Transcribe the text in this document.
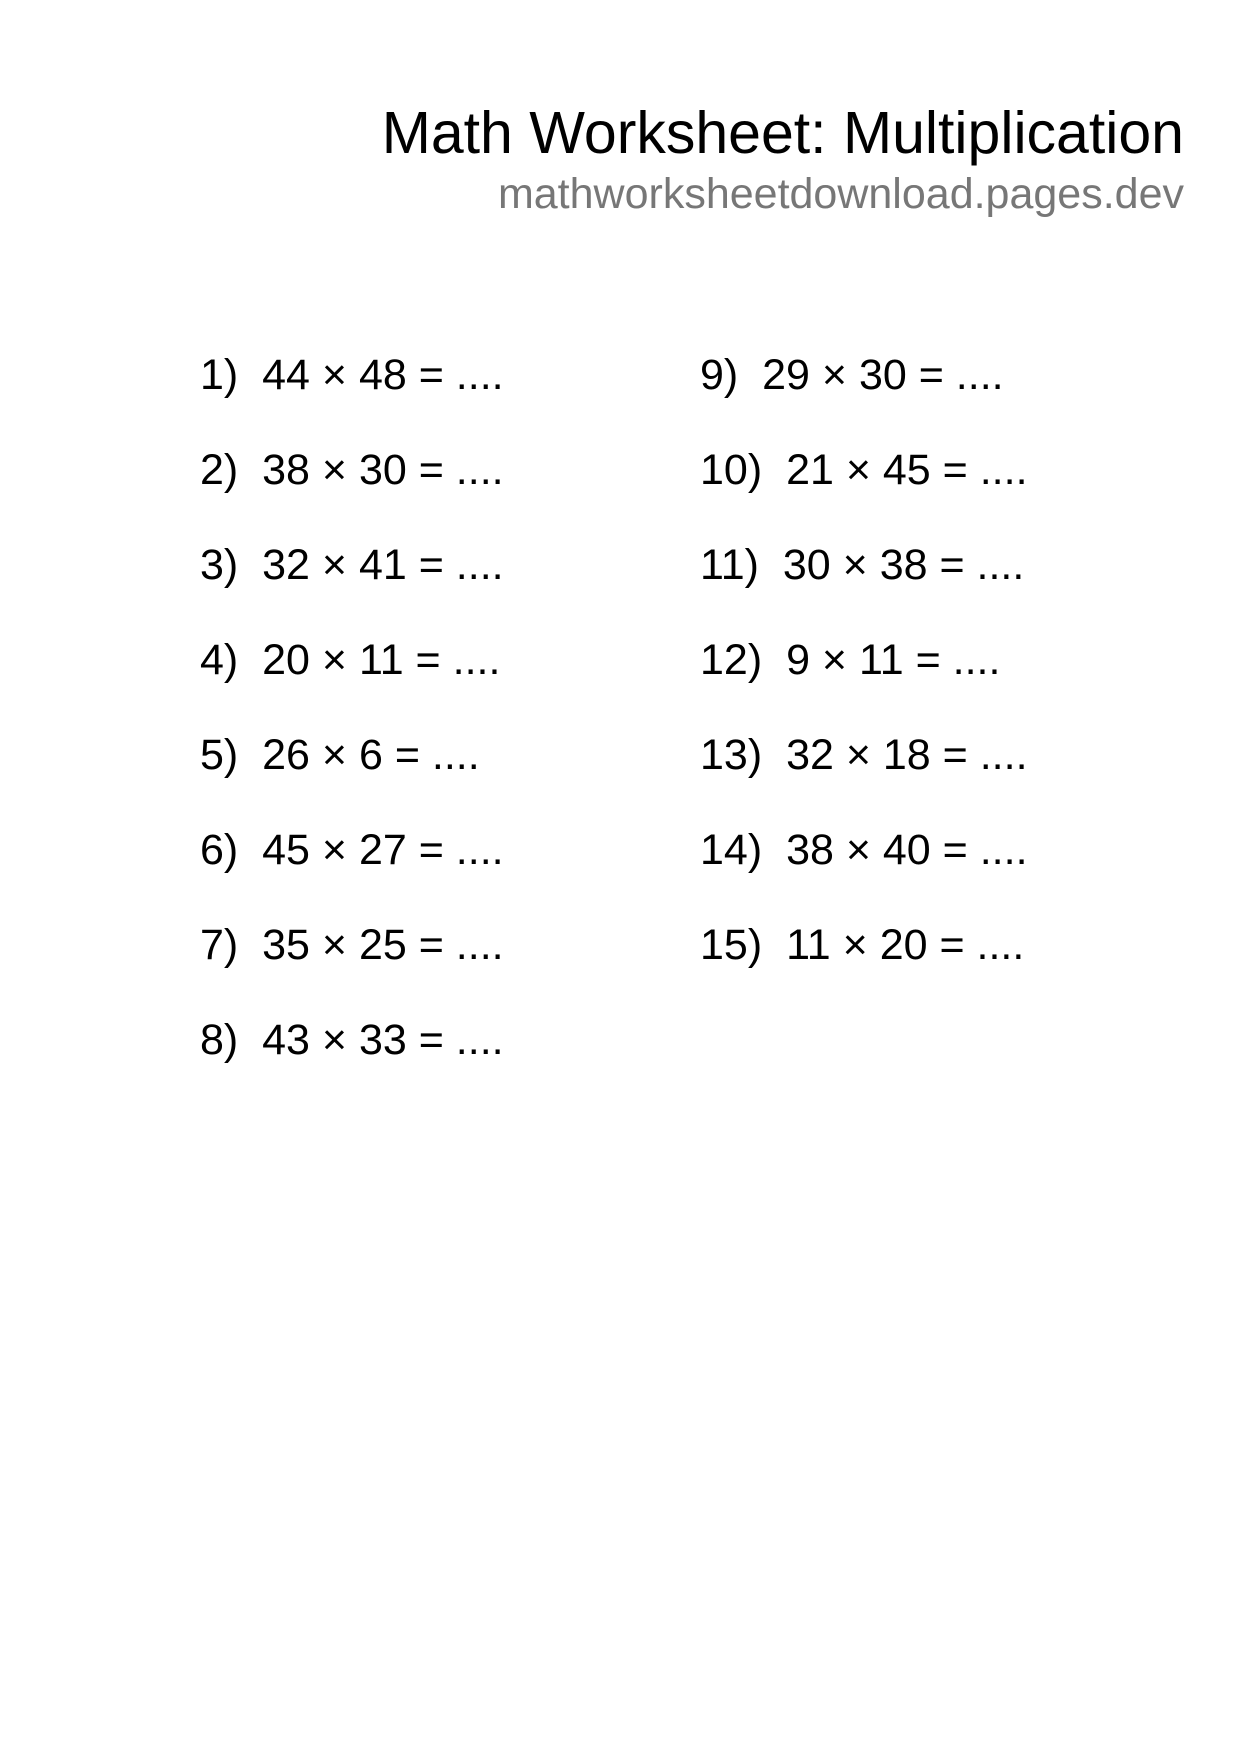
Math Worksheet: Multiplication
mathworksheetdownload.pages.dev
1) 44 × 48 = ....
2) 38 × 30 = ....
3) 32 × 41 = ....
4) 20 × 11 = ....
5) 26 × 6 = ....
6) 45 × 27 = ....
7) 35 × 25 = ....
8) 43 × 33 = ....
9) 29 × 30 = ....
10) 21 × 45 = ....
11) 30 × 38 = ....
12) 9 × 11 = ....
13) 32 × 18 = ....
14) 38 × 40 = ....
15) 11 × 20 = ....
